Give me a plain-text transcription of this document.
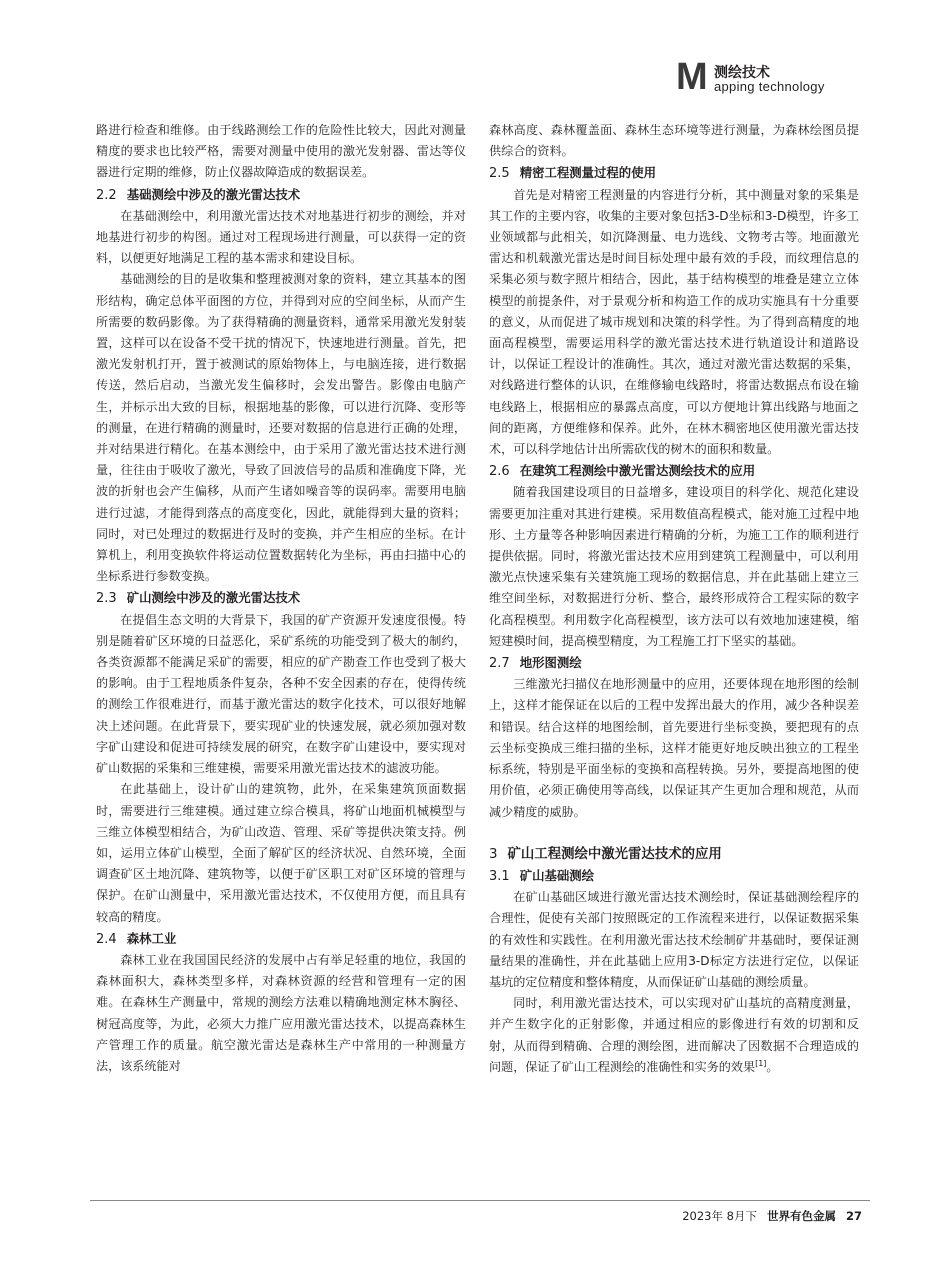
M 测绘技术
apping technology

路进行检查和维修。由于线路测绘工作的危险性比较大，因此对测量精度的要求也比较严格，需要对测量中使用的激光发射器、雷达等仪器进行定期的维修，防止仪器故障造成的数据误差。

2.2 基础测绘中涉及的激光雷达技术

在基础测绘中，利用激光雷达技术对地基进行初步的测绘，并对地基进行初步的构图。通过对工程现场进行测量，可以获得一定的资料，以便更好地满足工程的基本需求和建设目标。

基础测绘的目的是收集和整理被测对象的资料，建立其基本的图形结构，确定总体平面图的方位，并得到对应的空间坐标，从而产生所需要的数码影像。为了获得精确的测量资料，通常采用激光发射装置，这样可以在设备不受干扰的情况下，快速地进行测量。首先，把激光发射机打开，置于被测试的原始物体上，与电脑连接，进行数据传送，然后启动，当激光发生偏移时，会发出警告。影像由电脑产生，并标示出大致的目标，根据地基的影像，可以进行沉降、变形等的测量，在进行精确的测量时，还要对数据的信息进行正确的处理，并对结果进行精化。在基本测绘中，由于采用了激光雷达技术进行测量，往往由于吸收了激光，导致了回波信号的品质和准确度下降，光波的折射也会产生偏移，从而产生诸如噪音等的误码率。需要用电脑进行过滤，才能得到落点的高度变化，因此，就能得到大量的资料；同时，对已处理过的数据进行及时的变换，并产生相应的坐标。在计算机上，利用变换软件将运动位置数据转化为坐标，再由扫描中心的坐标系进行参数变换。

2.3 矿山测绘中涉及的激光雷达技术

在提倡生态文明的大背景下，我国的矿产资源开发速度很慢。特别是随着矿区环境的日益恶化，采矿系统的功能受到了极大的制约，各类资源都不能满足采矿的需要，相应的矿产勘查工作也受到了极大的影响。由于工程地质条件复杂，各种不安全因素的存在，使得传统的测绘工作很难进行，而基于激光雷达的数字化技术，可以很好地解决上述问题。在此背景下，要实现矿业的快速发展，就必须加强对数字矿山建设和促进可持续发展的研究，在数字矿山建设中，要实现对矿山数据的采集和三维建模，需要采用激光雷达技术的滤波功能。

在此基础上，设计矿山的建筑物，此外，在采集建筑顶面数据时，需要进行三维建模。通过建立综合模具，将矿山地面机械模型与三维立体模型相结合，为矿山改造、管理、采矿等提供决策支持。例如，运用立体矿山模型，全面了解矿区的经济状况、自然环境，全面调查矿区土地沉降、建筑物等，以便于矿区职工对矿区环境的管理与保护。在矿山测量中，采用激光雷达技术，不仅使用方便，而且具有较高的精度。

2.4 森林工业

森林工业在我国国民经济的发展中占有举足轻重的地位，我国的森林面积大，森林类型多样，对森林资源的经营和管理有一定的困难。在森林生产测量中，常规的测绘方法难以精确地测定林木胸径、树冠高度等，为此，必须大力推广应用激光雷达技术，以提高森林生产管理工作的质量。航空激光雷达是森林生产中常用的一种测量方法，该系统能对

森林高度、森林覆盖面、森林生态环境等进行测量，为森林绘图员提供综合的资料。

2.5 精密工程测量过程的使用

首先是对精密工程测量的内容进行分析，其中测量对象的采集是其工作的主要内容，收集的主要对象包括3-D坐标和3-D模型，许多工业领域都与此相关，如沉降测量、电力选线、文物考古等。地面激光雷达和机载激光雷达是时间目标处理中最有效的手段，而纹理信息的采集必须与数字照片相结合，因此，基于结构模型的堆叠是建立立体模型的前提条件，对于景观分析和构造工作的成功实施具有十分重要的意义，从而促进了城市规划和决策的科学性。为了得到高精度的地面高程模型，需要运用科学的激光雷达技术进行轨道设计和道路设计，以保证工程设计的准确性。其次，通过对激光雷达数据的采集，对线路进行整体的认识，在维修输电线路时，将雷达数据点布设在输电线路上，根据相应的暴露点高度，可以方便地计算出线路与地面之间的距离，方便维修和保养。此外，在林木稠密地区使用激光雷达技术，可以科学地估计出所需砍伐的树木的面积和数量。

2.6 在建筑工程测绘中激光雷达测绘技术的应用

随着我国建设项目的日益增多，建设项目的科学化、规范化建设需要更加注重对其进行建模。采用数值高程模式，能对施工过程中地形、土方量等各种影响因素进行精确的分析，为施工工作的顺利进行提供依据。同时，将激光雷达技术应用到建筑工程测量中，可以利用激光点快速采集有关建筑施工现场的数据信息，并在此基础上建立三维空间坐标，对数据进行分析、整合，最终形成符合工程实际的数字化高程模型。利用数字化高程模型，该方法可以有效地加速建模，缩短建模时间，提高模型精度，为工程施工打下坚实的基础。

2.7 地形图测绘

三维激光扫描仪在地形测量中的应用，还要体现在地形图的绘制上，这样才能保证在以后的工程中发挥出最大的作用，减少各种误差和错误。结合这样的地图绘制，首先要进行坐标变换，要把现有的点云坐标变换成三维扫描的坐标，这样才能更好地反映出独立的工程坐标系统，特别是平面坐标的变换和高程转换。另外，要提高地图的使用价值，必须正确使用等高线，以保证其产生更加合理和规范，从而减少精度的威胁。

3 矿山工程测绘中激光雷达技术的应用
3.1 矿山基础测绘

在矿山基础区域进行激光雷达技术测绘时，保证基础测绘程序的合理性，促使有关部门按照既定的工作流程来进行，以保证数据采集的有效性和实践性。在利用激光雷达技术绘制矿井基础时，要保证测量结果的准确性，并在此基础上应用3-D标定方法进行定位，以保证基坑的定位精度和整体精度，从而保证矿山基础的测绘质量。

同时，利用激光雷达技术，可以实现对矿山基坑的高精度测量，并产生数字化的正射影像，并通过相应的影像进行有效的切割和反射，从而得到精确、合理的测绘图，进而解决了因数据不合理造成的问题，保证了矿山工程测绘的准确性和实务的效果[1]。

2023年 8月下 世界有色金属 27
